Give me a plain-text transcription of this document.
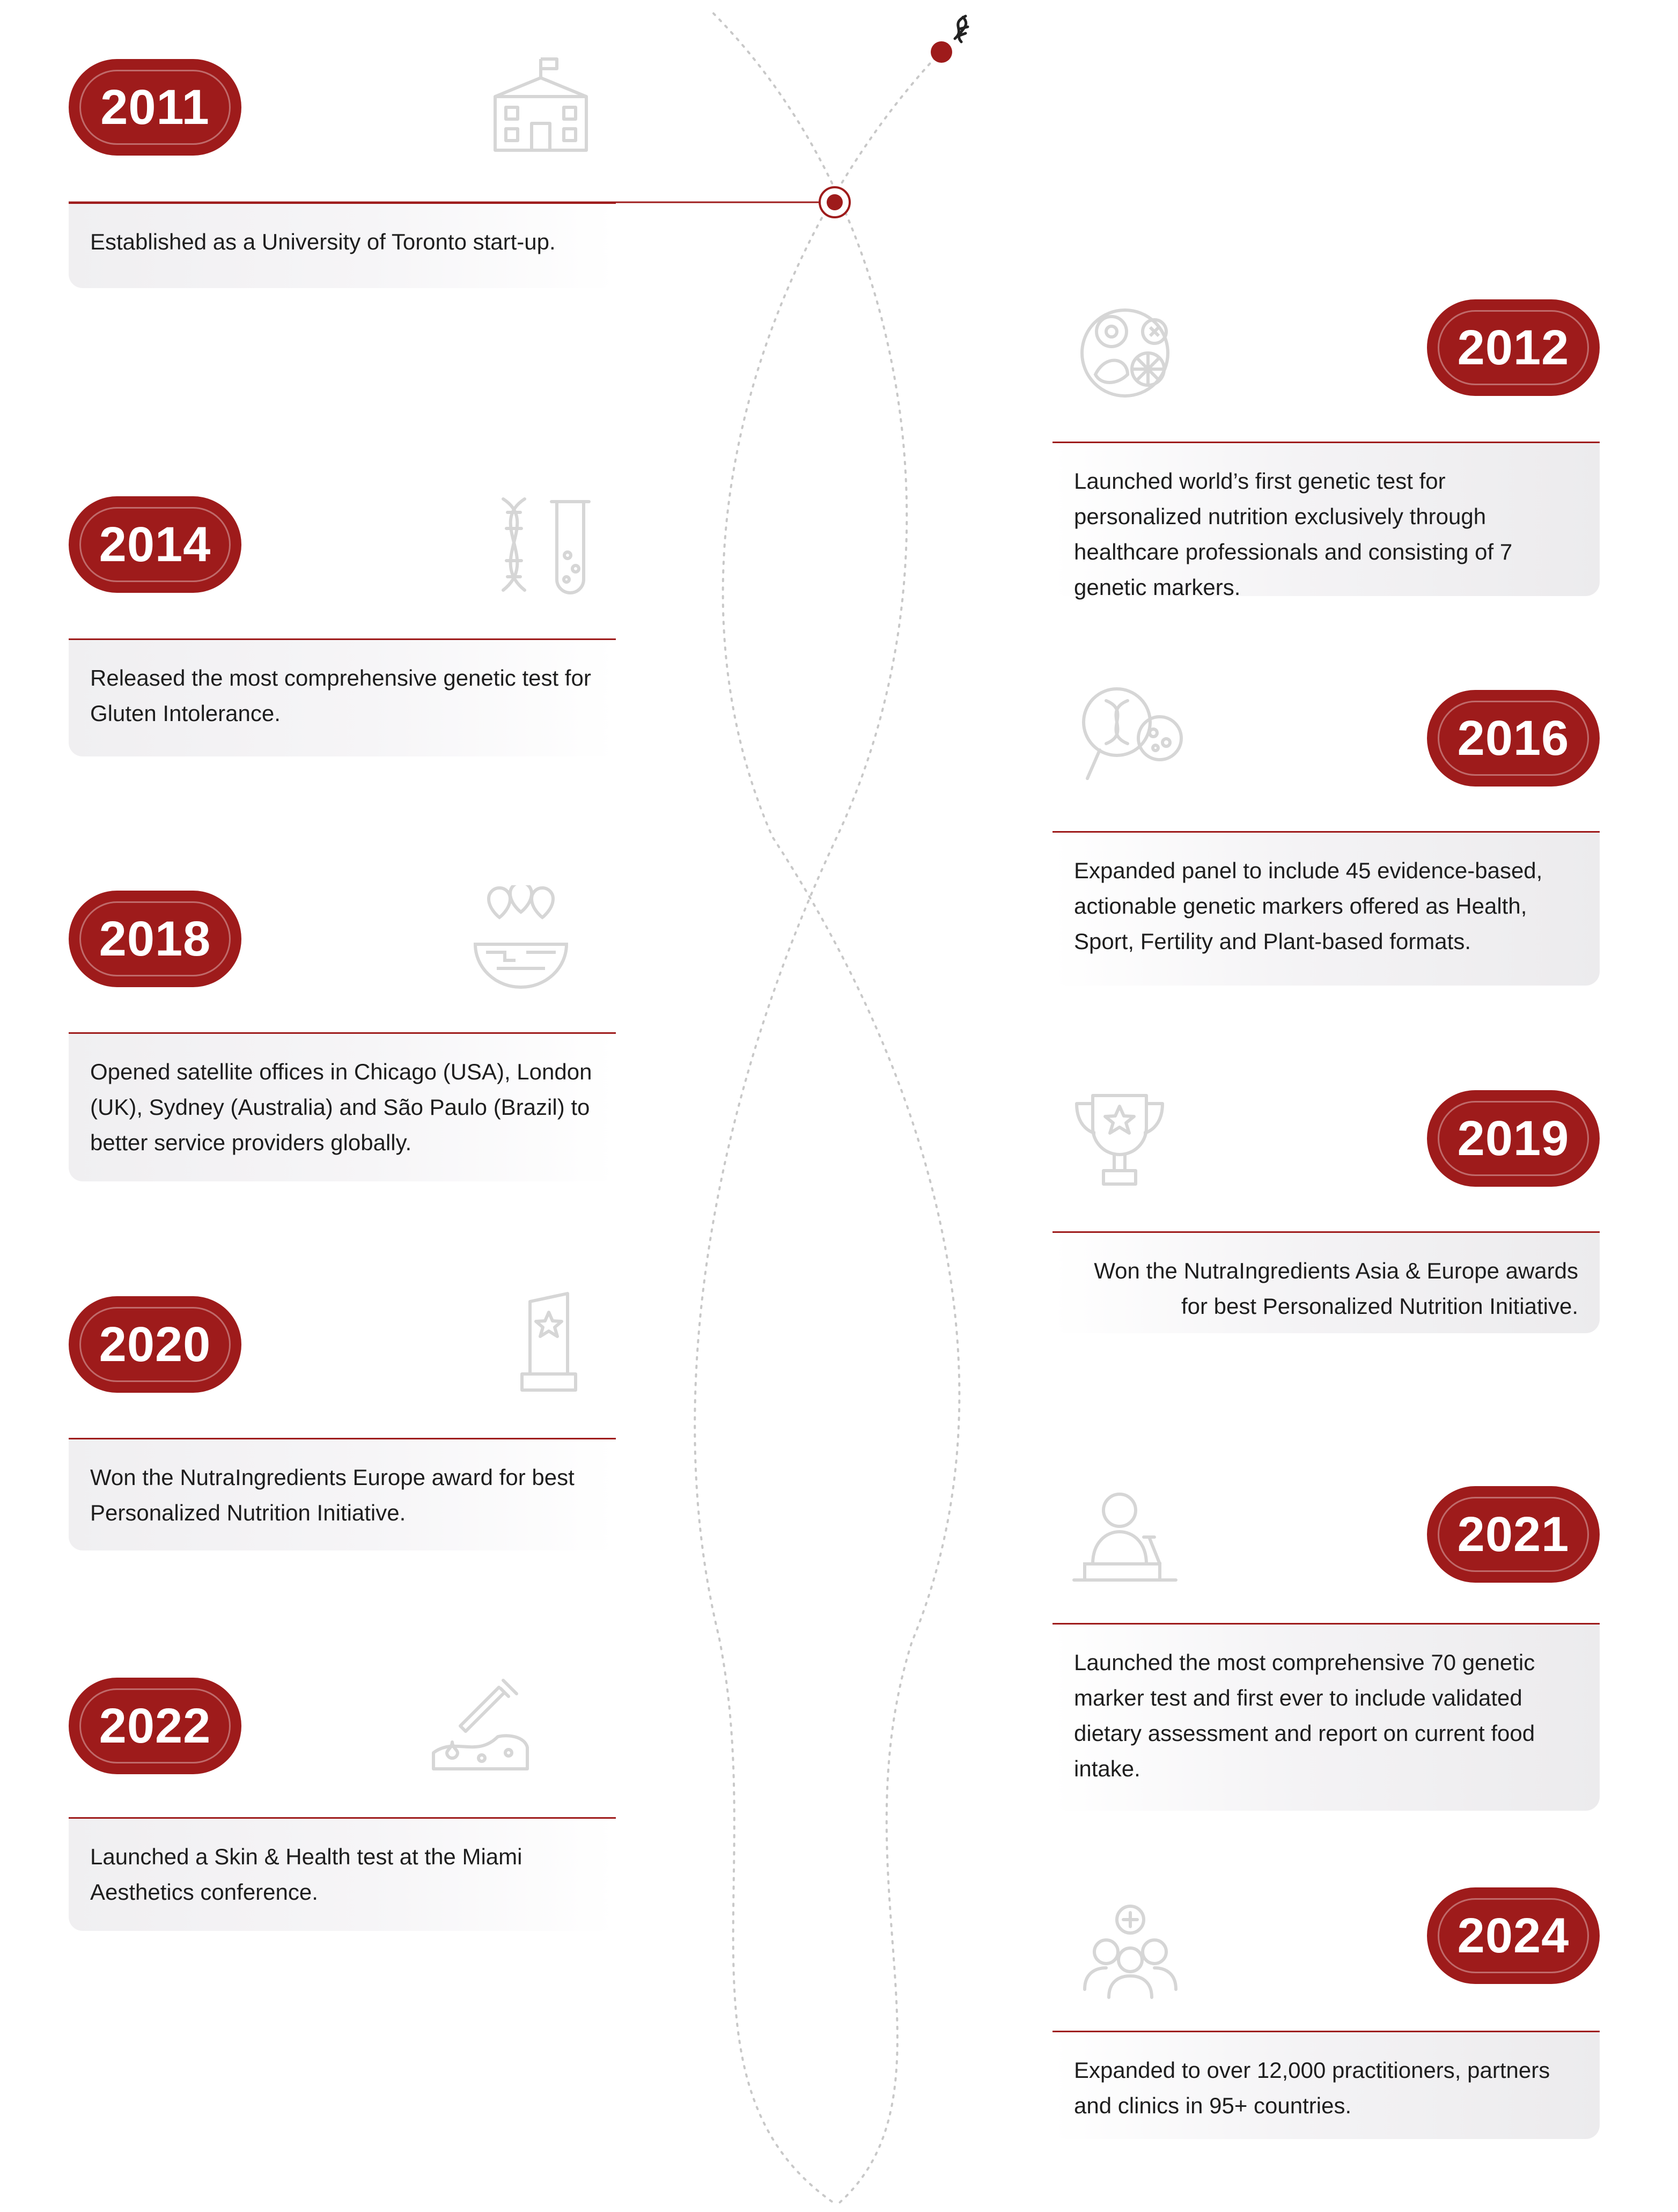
2011

Established as a University of Toronto start-up.

2012

Launched world’s first genetic test for personalized nutrition exclusively through healthcare professionals and consisting of 7 genetic markers.

2014

Released the most comprehensive genetic test for Gluten Intolerance.	2016

Expanded panel to include 45 evidence-based, actionable genetic markers offered as Health, Sport, Fertility and Plant-based formats.

2018

Opened satellite offices in Chicago (USA), London (UK), Sydney (Australia) and São Paulo (Brazil) to better service providers globally.	2019

Won the NutraIngredients Asia & Europe awards for best Personalized Nutrition Initiative.

2020

Won the NutraIngredients Europe award for best Personalized Nutrition Initiative.	2021

Launched the most comprehensive 70 genetic marker test and first ever to include validated dietary assessment and report on current food intake.

2022

Launched a Skin & Health test at the Miami Aesthetics conference.

2024

Expanded to over 12,000 practitioners, partners and clinics in 95+ countries.
